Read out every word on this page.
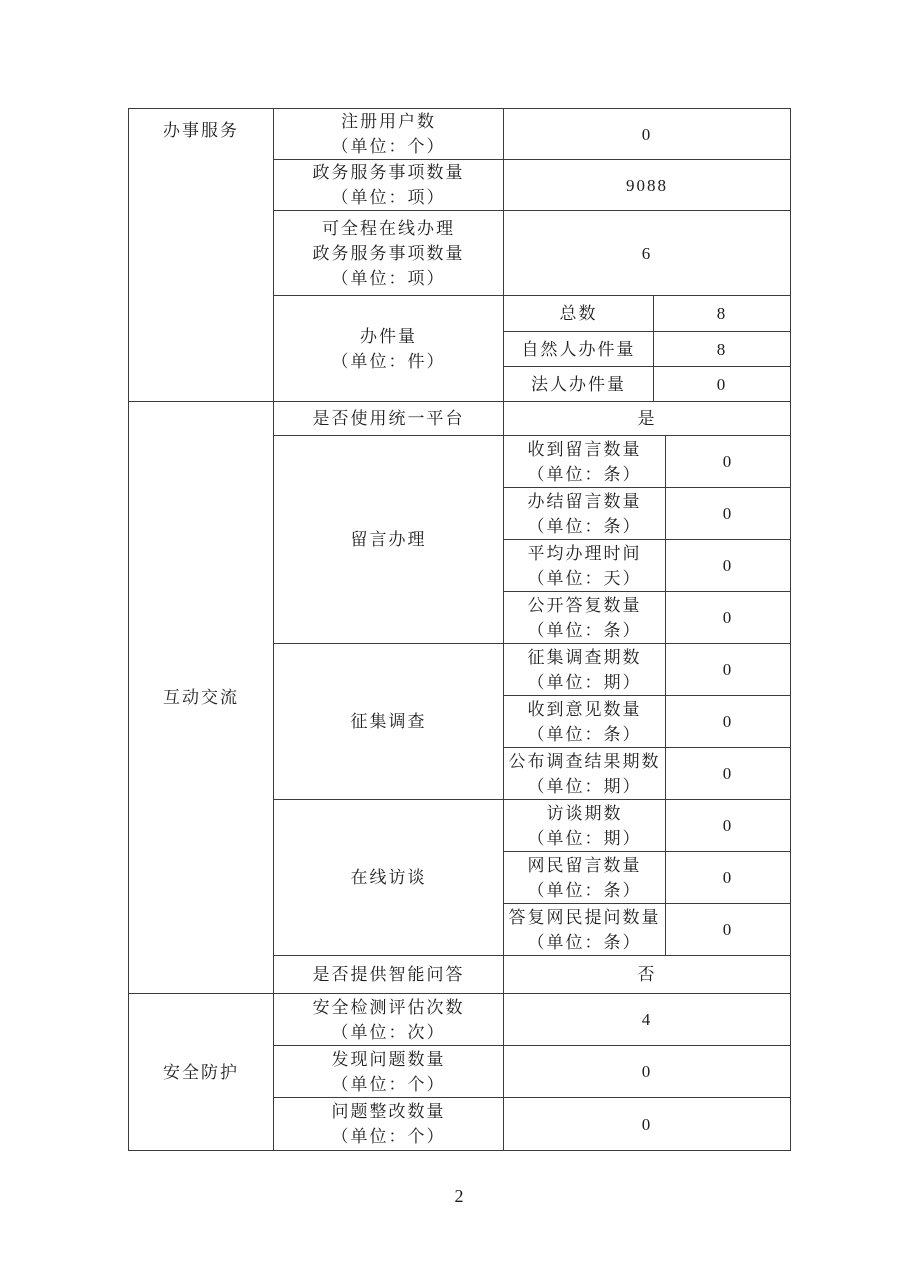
办事服务	注册用户数
（单位：个）	0		

	政务服务事项数量
（单位：项）	9088		

	可全程在线办理
政务服务事项数量
（单位：项）	6		

	办件量
（单位：件）	总数	8	

		自然人办件量	8	

		法人办件量	0	

互动交流	是否使用统一平台	是		

	留言办理	收到留言数量
（单位：条）		0

		办结留言数量
（单位：条）		0

		平均办理时间
（单位：天）		0

		公开答复数量
（单位：条）		0

	征集调查	征集调查期数
（单位：期）		0

		收到意见数量
（单位：条）		0

		公布调查结果期数
（单位：期）		0

	在线访谈	访谈期数
（单位：期）		0

		网民留言数量
（单位：条）		0

		答复网民提问数量
（单位：条）		0

	是否提供智能问答	否		

安全防护	安全检测评估次数
（单位：次）	4		

	发现问题数量
（单位：个）	0		

	问题整改数量
（单位：个）	0		
2
